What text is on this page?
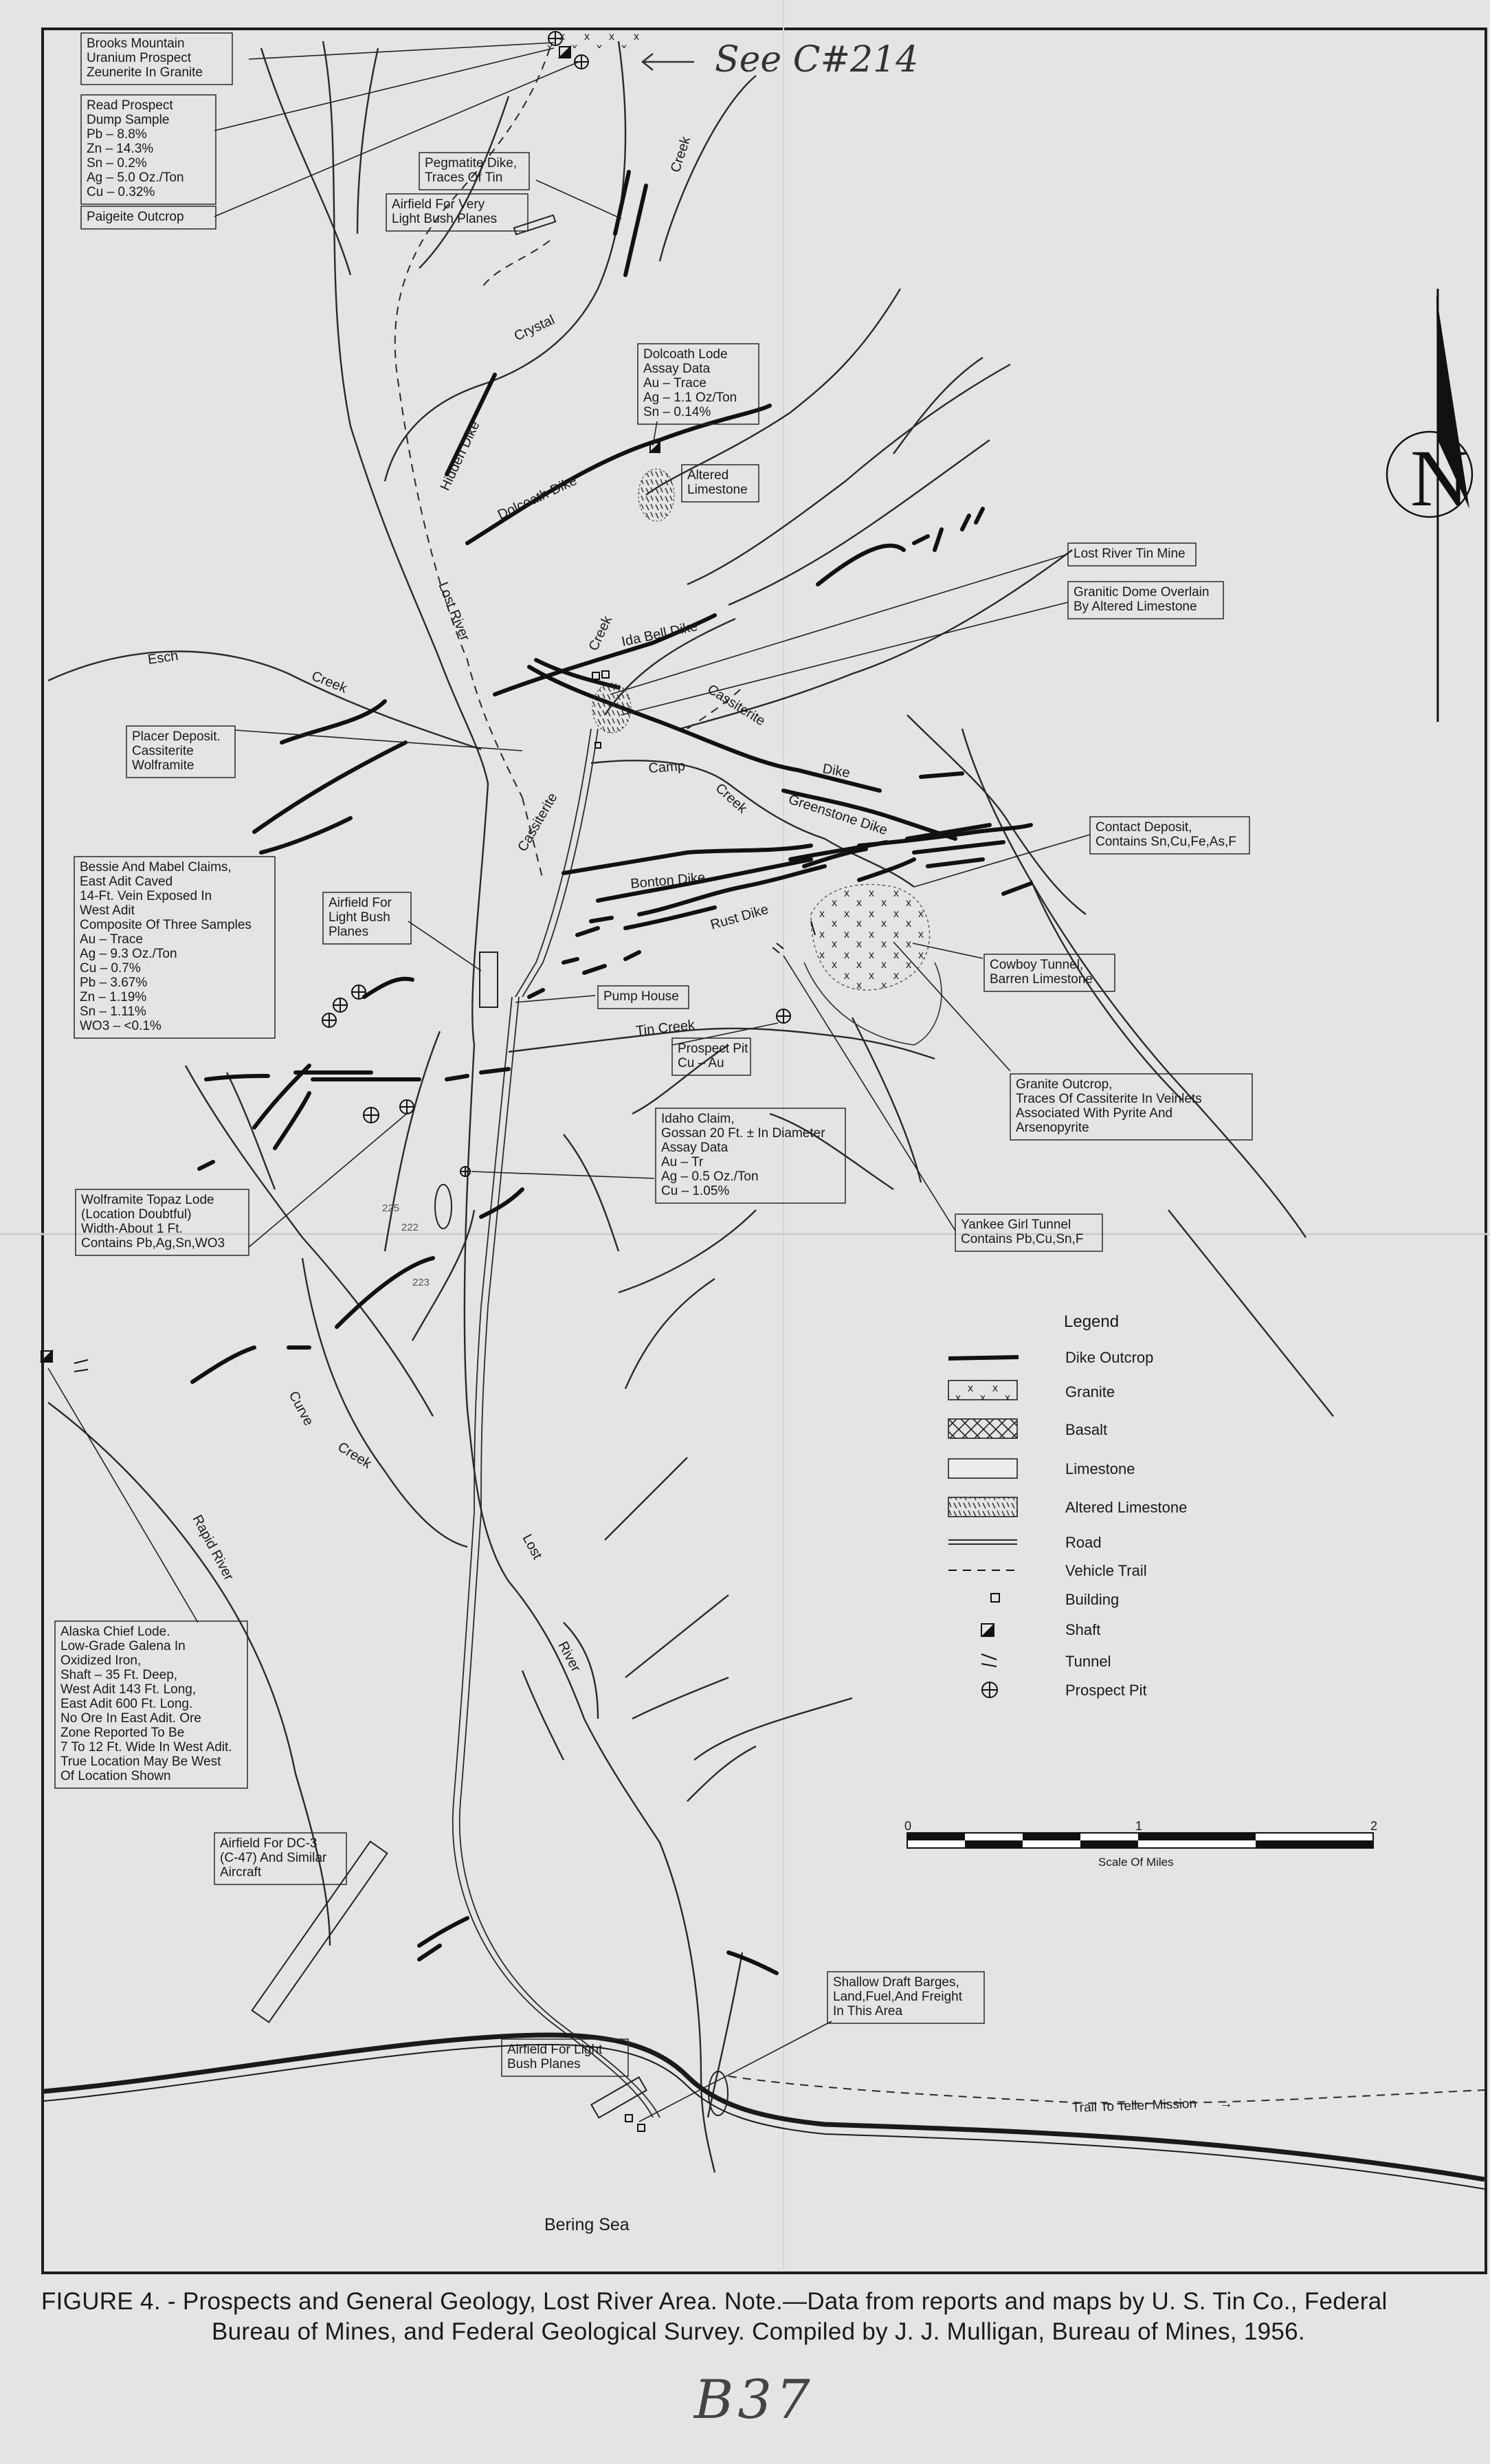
N
Brooks Mountain
Uranium Prospect
Zeunerite In Granite
Read Prospect
Dump Sample
Pb – 8.8%
Zn – 14.3%
Sn – 0.2%
Ag – 5.0 Oz./Ton
Cu – 0.32%
Paigeite Outcrop
Pegmatite Dike,
Traces Of Tin
Airfield For Very
Light Bush Planes
Dolcoath Lode
Assay Data
Au – Trace
Ag – 1.1 Oz/Ton
Sn – 0.14%
Altered
Limestone
Lost River Tin Mine
Granitic Dome Overlain
By Altered Limestone
Placer Deposit.
Cassiterite
Wolframite
Contact Deposit,
Contains Sn,Cu,Fe,As,F
Bessie And Mabel Claims,
East Adit Caved
14-Ft. Vein Exposed In
West Adit
Composite Of Three Samples
Au – Trace
Ag – 9.3 Oz./Ton
Cu – 0.7%
Pb – 3.67%
Zn – 1.19%
Sn – 1.11%
WO3 – <0.1%
Airfield For
Light Bush
Planes
Cowboy Tunnel,
Barren Limestone
Pump House
Prospect Pit
Cu – Au
Granite Outcrop,
Traces Of Cassiterite In Veinlets
Associated With Pyrite And
Arsenopyrite
Idaho Claim,
Gossan 20 Ft. ± In Diameter
Assay Data
Au – Tr
Ag – 0.5 Oz./Ton
Cu – 1.05%
Wolframite Topaz Lode
(Location Doubtful)
Width-About 1 Ft.
Contains Pb,Ag,Sn,WO3
Yankee Girl Tunnel
Contains Pb,Cu,Sn,F
Alaska Chief Lode.
Low-Grade Galena In
Oxidized Iron,
Shaft – 35 Ft. Deep,
West Adit 143 Ft. Long,
East Adit 600 Ft. Long.
No Ore In East Adit. Ore
Zone Reported To Be
7 To 12 Ft. Wide In West Adit.
True Location May Be West
Of Location Shown
Airfield For DC-3
(C-47) And Similar
Aircraft
Airfield For Light
Bush Planes
Shallow Draft Barges,
Land,Fuel,And Freight
In This Area
Crystal
Creek
Hidden Dike
Dolcoath Dike
Lost River
Esch
Creek
Creek Ida Bell Dike
Cassiterite
Dike
Cassiterite
Camp
Creek	Greenstone Dike
Bonton Dike
Rust Dike
Tin Creek
Curve
Creek
Rapid River	Lost
River
Trail To Teller Mission →
Bering Sea
225
222
223
See C#214
Legend
Dike Outcrop
Granite
Basalt
Limestone
Altered Limestone
Road
Vehicle Trail
Building
Shaft
Tunnel
Prospect Pit
0	1	2
Scale Of Miles
FIGURE 4. - Prospects and General Geology, Lost River Area. Note.—Data from reports and maps by U. S. Tin Co., Federal
Bureau of Mines, and Federal Geological Survey. Compiled by J. J. Mulligan, Bureau of Mines, 1956.
B37
